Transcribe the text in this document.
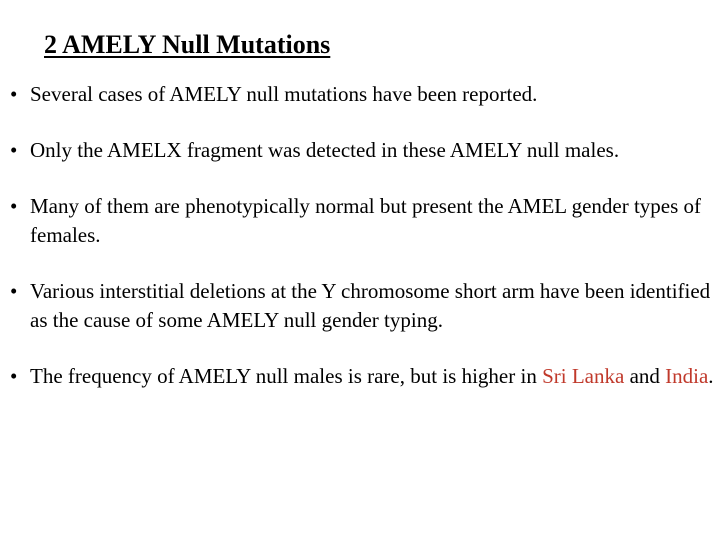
2 AMELY Null Mutations
• Several cases of AMELY null mutations have been reported.
• Only the AMELX fragment was detected in these AMELY null males.
• Many of them are phenotypically normal but present the AMEL gender types of females.
• Various interstitial deletions at the Y chromosome short arm have been identified as the cause of some AMELY null gender typing.
• The frequency of AMELY null males is rare, but is higher in Sri Lanka and India.
